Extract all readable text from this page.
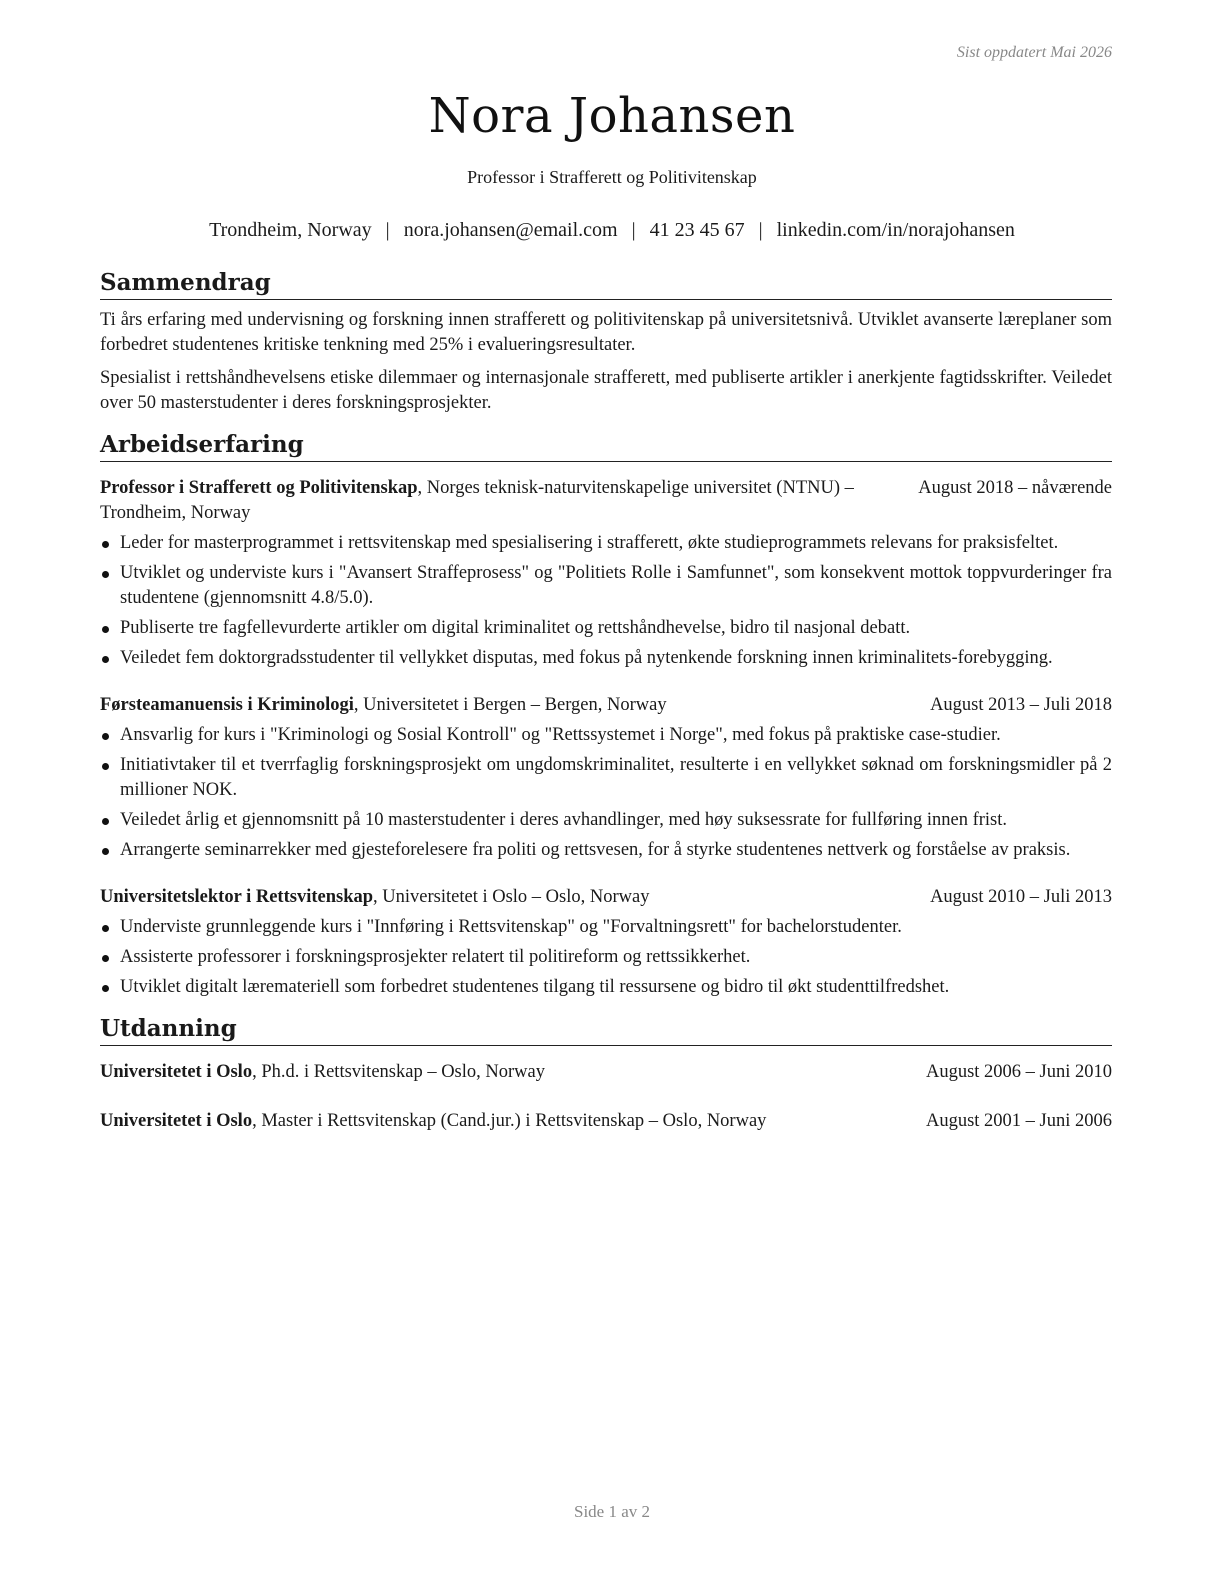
Sist oppdatert Mai 2026
Nora Johansen
Professor i Strafferett og Politivitenskap
Trondheim, Norway | nora.johansen@email.com | 41 23 45 67 | linkedin.com/in/norajohansen
Sammendrag

Ti års erfaring med undervisning og forskning innen strafferett og politivitenskap på universitetsnivå. Utviklet avanserte læreplaner som forbedret studentenes kritiske tenkning med 25% i evalueringsresultater.

Spesialist i rettshåndhevelsens etiske dilemmaer og internasjonale strafferett, med publiserte artikler i anerkjente fagtidsskrifter. Veiledet over 50 masterstudenter i deres forskningsprosjekter.

Arbeidserfaring
Professor i Strafferett og Politivitenskap, Norges teknisk-naturvitenskapelige universitet (NTNU) – Trondheim, Norway
August 2018 – nåværende
Leder for masterprogrammet i rettsvitenskap med spesialisering i strafferett, økte studieprogrammets relevans for praksisfeltet.
Utviklet og underviste kurs i "Avansert Straffeprosess" og "Politiets Rolle i Samfunnet", som konsekvent mottok toppvurderinger fra studentene (gjennomsnitt 4.8/5.0).
Publiserte tre fagfellevurderte artikler om digital kriminalitet og rettshåndhevelse, bidro til nasjonal debatt.
Veiledet fem doktorgradsstudenter til vellykket disputas, med fokus på nytenkende forskning innen kriminalitets-forebygging.
Førsteamanuensis i Kriminologi, Universitetet i Bergen – Bergen, Norway	August 2013 – Juli 2018
Ansvarlig for kurs i "Kriminologi og Sosial Kontroll" og "Rettssystemet i Norge", med fokus på praktiske case-studier.
Initiativtaker til et tverrfaglig forskningsprosjekt om ungdomskriminalitet, resulterte i en vellykket søknad om forskningsmidler på 2 millioner NOK.
Veiledet årlig et gjennomsnitt på 10 masterstudenter i deres avhandlinger, med høy suksessrate for fullføring innen frist.
Arrangerte seminarrekker med gjesteforelesere fra politi og rettsvesen, for å styrke studentenes nettverk og forståelse av praksis.
Universitetslektor i Rettsvitenskap, Universitetet i Oslo – Oslo, Norway	August 2010 – Juli 2013
Underviste grunnleggende kurs i "Innføring i Rettsvitenskap" og "Forvaltningsrett" for bachelorstudenter.
Assisterte professorer i forskningsprosjekter relatert til politireform og rettssikkerhet.
Utviklet digitalt læremateriell som forbedret studentenes tilgang til ressursene og bidro til økt studenttilfredshet.
Utdanning
Universitetet i Oslo, Ph.d. i Rettsvitenskap – Oslo, Norway	August 2006 – Juni 2010
Universitetet i Oslo, Master i Rettsvitenskap (Cand.jur.) i Rettsvitenskap – Oslo, Norway	August 2001 – Juni 2006
Side 1 av 2
